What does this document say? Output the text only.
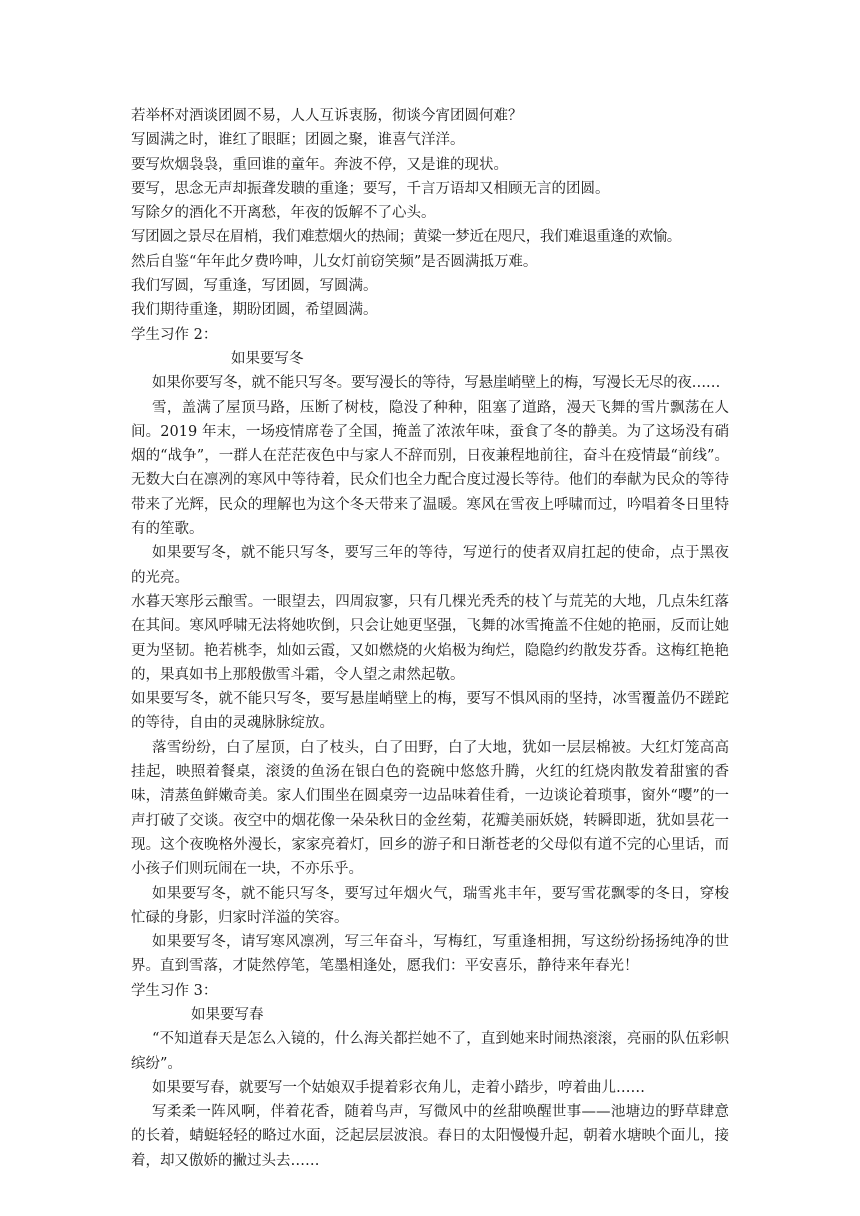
若举杯对酒谈团圆不易，人人互诉衷肠，彻谈今宵团圆何难？

写圆满之时，谁红了眼眶；团圆之聚，谁喜气洋洋。

要写炊烟袅袅，重回谁的童年。奔波不停，又是谁的现状。

要写，思念无声却振聋发聩的重逢；要写，千言万语却又相顾无言的团圆。

写除夕的酒化不开离愁，年夜的饭解不了心头。

写团圆之景尽在眉梢，我们难惹烟火的热闹；黄粱一梦近在咫尺，我们难退重逢的欢愉。

然后自鉴“年年此夕费吟呻，儿女灯前窃笑频”是否圆满抵万难。

我们写圆，写重逢，写团圆，写圆满。

我们期待重逢，期盼团圆，希望圆满。

学生习作 2：

如果要写冬

如果你要写冬，就不能只写冬。要写漫长的等待，写悬崖峭壁上的梅，写漫长无尽的夜……

雪，盖满了屋顶马路，压断了树枝，隐没了种种，阻塞了道路，漫天飞舞的雪片飘荡在人间。2019 年末，一场疫情席卷了全国，掩盖了浓浓年味，蚕食了冬的静美。为了这场没有硝烟的“战争”，一群人在茫茫夜色中与家人不辞而别，日夜兼程地前往，奋斗在疫情最“前线”。无数大白在凛冽的寒风中等待着，民众们也全力配合度过漫长等待。他们的奉献为民众的等待带来了光辉，民众的理解也为这个冬天带来了温暖。寒风在雪夜上呼啸而过，吟唱着冬日里特有的笙歌。

如果要写冬，就不能只写冬，要写三年的等待，写逆行的使者双肩扛起的使命，点于黑夜的光亮。

水暮天寒彤云酿雪。一眼望去，四周寂寥，只有几棵光秃秃的枝丫与荒芜的大地，几点朱红落在其间。寒风呼啸无法将她吹倒，只会让她更坚强，飞舞的冰雪掩盖不住她的艳丽，反而让她更为坚韧。艳若桃李，灿如云霞，又如燃烧的火焰极为绚烂，隐隐约约散发芬香。这梅红艳艳的，果真如书上那般傲雪斗霜，令人望之肃然起敬。

如果要写冬，就不能只写冬，要写悬崖峭壁上的梅，要写不惧风雨的坚持，冰雪覆盖仍不蹉跎的等待，自由的灵魂脉脉绽放。

落雪纷纷，白了屋顶，白了枝头，白了田野，白了大地，犹如一层层棉被。大红灯笼高高挂起，映照着餐桌，滚烫的鱼汤在银白色的瓷碗中悠悠升腾，火红的红烧肉散发着甜蜜的香味，清蒸鱼鲜嫩奇美。家人们围坐在圆桌旁一边品味着佳肴，一边谈论着琐事，窗外“嘤”的一声打破了交谈。夜空中的烟花像一朵朵秋日的金丝菊，花瓣美丽妖娆，转瞬即逝，犹如昙花一现。这个夜晚格外漫长，家家亮着灯，回乡的游子和日渐苍老的父母似有道不完的心里话，而小孩子们则玩闹在一块，不亦乐乎。

如果要写冬，就不能只写冬，要写过年烟火气，瑞雪兆丰年，要写雪花飘零的冬日，穿梭忙碌的身影，归家时洋溢的笑容。

如果要写冬，请写寒风凛冽，写三年奋斗，写梅红，写重逢相拥，写这纷纷扬扬纯净的世界。直到雪落，才陡然停笔，笔墨相逢处，愿我们：平安喜乐，静待来年春光！

学生习作 3：

如果要写春

“不知道春天是怎么入镜的，什么海关都拦她不了，直到她来时闹热滚滚，亮丽的队伍彩帜缤纷”。

如果要写春，就要写一个姑娘双手提着彩衣角儿，走着小踏步，哼着曲儿……

写柔柔一阵风啊，伴着花香，随着鸟声，写微风中的丝甜唤醒世事——池塘边的野草肆意的长着，蜻蜓轻轻的略过水面，泛起层层波浪。春日的太阳慢慢升起，朝着水塘映个面儿，接着，却又傲娇的撇过头去……
